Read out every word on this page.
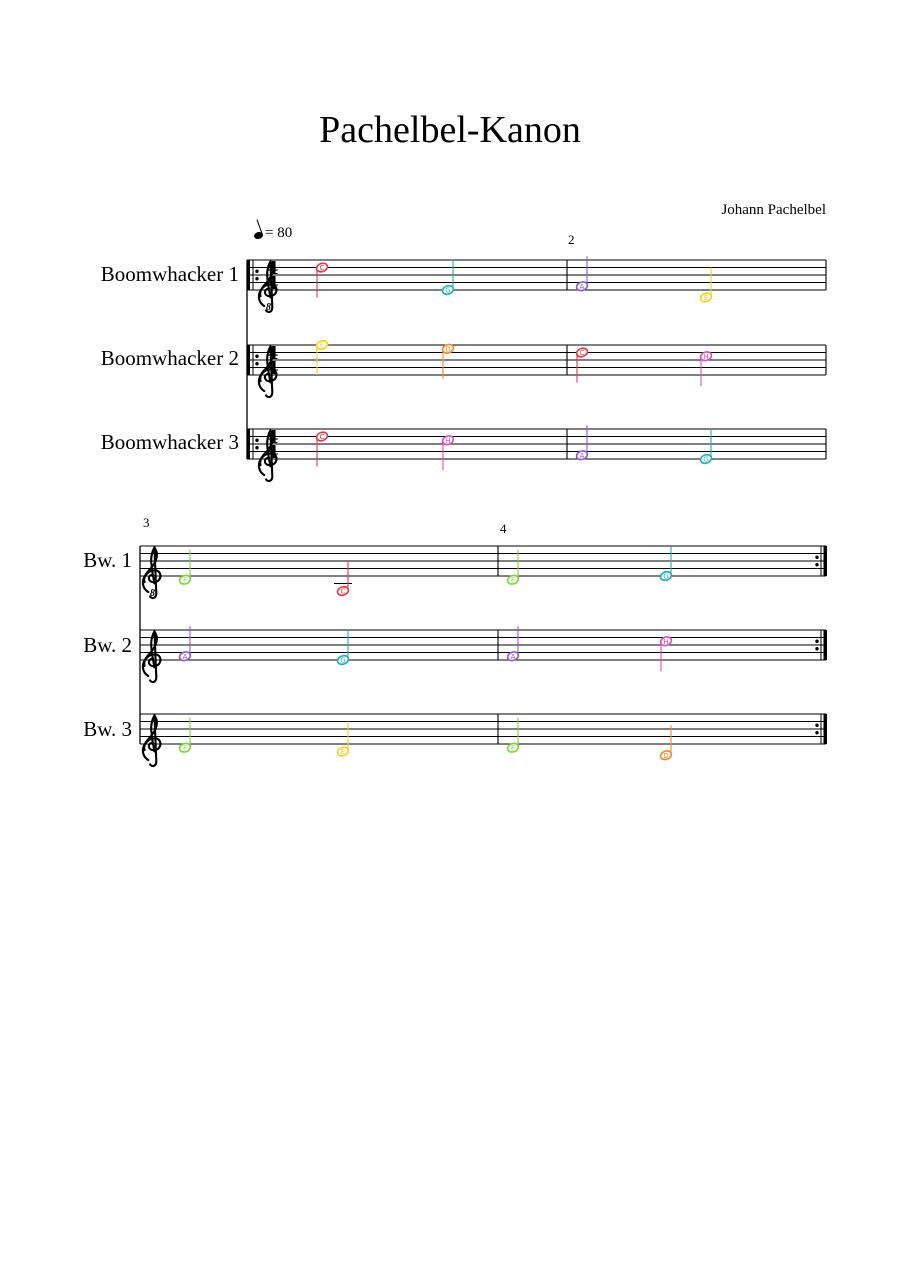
Pachelbel-Kanon
Johann Pachelbel
= 80
Boomwhacker 1
Boomwhacker 2
Boomwhacker 3
2
Bw. 1
Bw. 2
Bw. 3
3	4
8
4
4
C
G	A
E
4
4
E	D	C	H
4
4
C	H
A	G
8
F
C
F	G
A	G	A
H
F	E	F
D
